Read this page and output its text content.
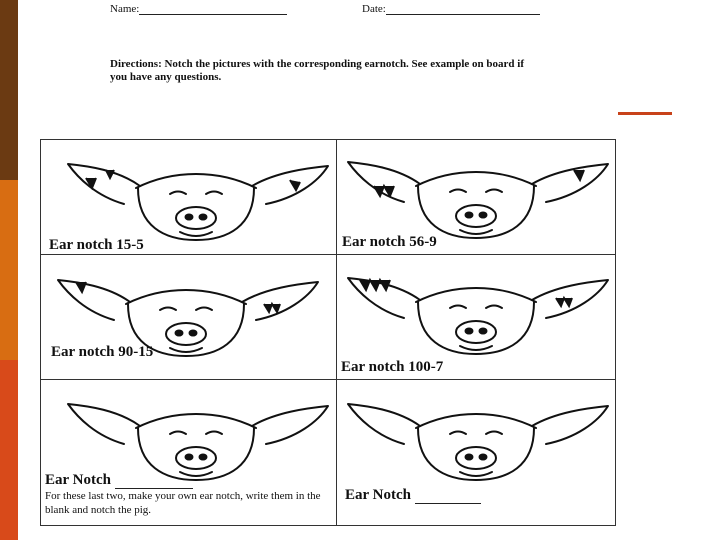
Name:	Date:
Directions: Notch the pictures with the corresponding earnotch. See example on board if you have any questions.
Ear notch 15-5	Ear notch 56-9
Ear notch 90-15
Ear notch 100-7
Ear Notch
For these last two, make your own ear notch, write them in the blank and notch the pig.
Ear Notch
